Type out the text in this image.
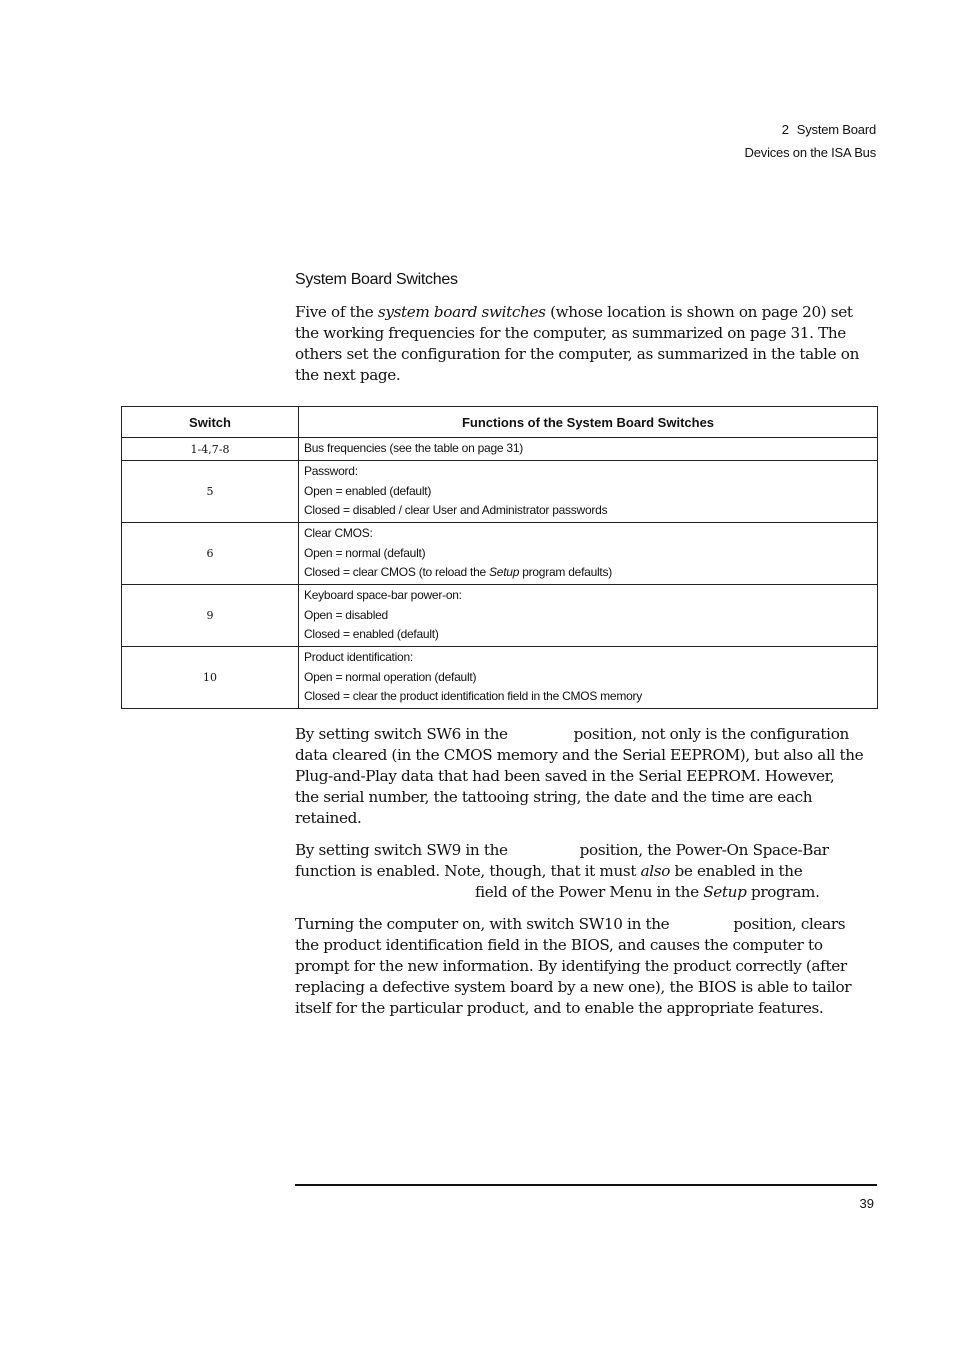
2 System Board
Devices on the ISA Bus
System Board Switches

Five of the system board switches (whose location is shown on page 20) set
the working frequencies for the computer, as summarized on page 31. The
others set the configuration for the computer, as summarized in the table on
the next page.

Switch	Functions of the System Board Switches
1-4,7-8	Bus frequencies (see the table on page 31)

5	Password:
Open = enabled (default)
Closed = disabled / clear User and Administrator passwords

6	Clear CMOS:
Open = normal (default)
Closed = clear CMOS (to reload the Setup program defaults)

9	Keyboard space-bar power-on:
Open = disabled
Closed = enabled (default)

10	Product identification:
Open = normal operation (default)
Closed = clear the product identification field in the CMOS memory

By setting switch SW6 in the	position, not only is the configuration
data cleared (in the CMOS memory and the Serial EEPROM), but also all the
Plug-and-Play data that had been saved in the Serial EEPROM. However,
the serial number, the tattooing string, the date and the time are each
retained.

By setting switch SW9 in the	position, the Power-On Space-Bar
function is enabled. Note, though, that it must also be enabled in the
field of the Power Menu in the Setup program.

Turning the computer on, with switch SW10 in the	position, clears
the product identification field in the BIOS, and causes the computer to
prompt for the new information. By identifying the product correctly (after
replacing a defective system board by a new one), the BIOS is able to tailor
itself for the particular product, and to enable the appropriate features.

39
